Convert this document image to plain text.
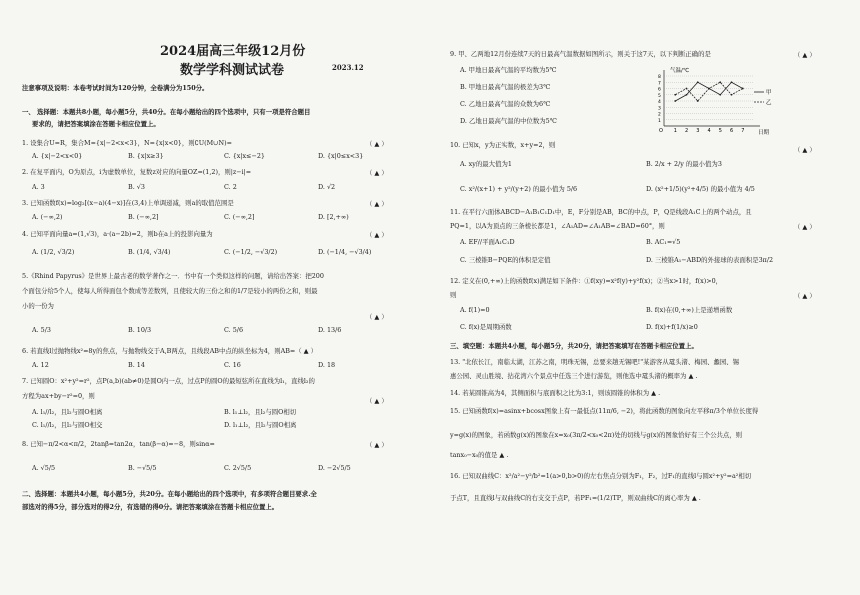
2024届高三年级12月份
数学学科测试试卷	2023.12
注意事项及说明：本卷考试时间为120分钟，全卷满分为150分。
一、 选择题：本题共8小题，每小题5分，共40分。在每小题给出的四个选项中，只有一项是符合题目
要求的，请把答案填涂在答题卡相应位置上。
1. 设集合U=R，集合M={x|−2<x<3}，N={x|x<0}，则∁U(M∪N)=	（ ▲ ）
A. {x|−2<x<0}	B. {x|x≥3}	C. {x|x≤−2}	D. {x|0≤x<3}
2. 在复平面内，O为原点，i为虚数单位，复数z对应的向量OZ=(1,2)，则|z−i|=	（ ▲ ）
A. 3	B. √3	C. 2	D. √2
3. 已知函数f(x)=log₂[(x−a)(4−x)]在(3,4)上单调递减，则a的取值范围是	（ ▲ ）
A. (−∞,2)	B. (−∞,2]	C. (−∞,2]	D. [2,+∞)
4. 已知平面向量a=(1,√3)，a·(a−2b)=2，则b在a上的投影向量为	（ ▲ ）
A. (1/2, √3/2)	B. (1/4, √3/4)	C. (−1/2, −√3/2)	D. (−1/4, −√3/4)
5.《Rhind Papyrus》是世界上最古老的数学著作之一．书中有一个类似这样的问题，请给出答案：把200
个面包分给5个人，使每人所得面包个数成等差数列，且使较大的三份之和的1/7是较小的两份之和，则最
小的一份为
（ ▲ ）
A. 5/3	B. 10/3	C. 5/6	D. 13/6
6. 若直线l过抛物线x²=8y的焦点，与抛物线交于A,B两点，且线段AB中点的纵坐标为4，则AB=（ ▲ ）
A. 12	B. 14	C. 16	D. 18
7. 已知圆O：x²+y²=r²，点P(a,b)(ab≠0)是圆O内一点，过点P的圆O的最短弦所在直线为l₁，直线l₂的
方程为ax+by−r²=0，则
（ ▲ ）
A. l₁//l₂，且l₂与圆O相离	B. l₁⊥l₂，且l₂与圆O相切
C. l₁//l₂，且l₂与圆O相交	D. l₁⊥l₂，且l₂与圆O相离
8. 已知−π/2<α<π/2，2tanβ=tan2α，tan(β−α)=−8，则sinα=	（ ▲ ）
A. √5/5	B. −√5/5	C. 2√5/5	D. −2√5/5
二、选择题：本题共4小题，每小题5分，共20分。在每小题给出的四个选项中，有多项符合题目要求.全
部选对的得5分，部分选对的得2分，有选错的得0分。请把答案填涂在答题卡相应位置上。
9. 甲、乙两地12月份连续7天的日最高气温数据如图所示，则关于这7天，以下判断正确的是	（ ▲ ）
A. 甲地日最高气温的平均数为5℃
B. 甲地日最高气温的极差为3℃
C. 乙地日最高气温的众数为6℃
D. 乙地日最高气温的中位数为5℃
1 2 3 4 5 6 7
1
2
3
4
5
6
7
8
O
气温/℃
日期
甲
乙
10. 已知x，y为正实数，x+y=2，则
（ ▲ ）
A. xy的最大值为1	B. 2/x + 2/y 的最小值为3
C. x²/(x+1) + y²/(y+2) 的最小值为 5/6	D. (x²+1/5)(y²+4/5) 的最小值为 4/5
11. 在平行六面体ABCD−A₁B₁C₁D₁中，E，F分别是AB，BC的中点，P，Q是线段A₁C上的两个动点，且
PQ=1，以A为顶点的三条棱长都是1，∠A₁AD=∠A₁AB=∠BAD=60°，则	（ ▲ ）
A. EF//平面A₁C₁D	B. AC₁=√5
C. 三棱锥B−PQE的体积是定值	D. 三棱锥A₁−ABD的外接球的表面积是3π/2
12. 定义在(0,+∞)上的函数f(x)满足如下条件：①f(xy)=x²f(y)+y²f(x)；②当x>1时，f(x)>0，
则	（ ▲ ）
A. f(1)=0	B. f(x)在(0,+∞)上是递增函数
C. f(x)是周期函数	D. f(x)+f(1/x)≥0
三、填空题：本题共4小题，每小题5分，共20分，请把答案填写在答题卡相应位置上。
13. "北依长江，南临太湖，江苏之南，明珠无锡，总要来趟无锡吧!"某游客从鼋头渚、梅园、蠡园、锡
惠公园、灵山胜境、拈花湾六个景点中任选三个进行游览，则他选中鼋头渚的概率为 ▲ .
14. 若某圆锥高为4，其侧面积与底面积之比为3:1，则该圆锥的体积为 ▲ .
15. 已知函数f(x)=asinx+bcosx图象上有一最低点(11π/6, −2)，将此函数的图象向左平移π/3个单位长度得
y=g(x)的图象，若函数g(x)的图象在x=x₀(3π/2<x₀<2π)处的切线与g(x)的图象恰好有三个公共点，则
tanx₀−x₀的值是 ▲ .
16. 已知双曲线C：x²/a²−y²/b²=1(a>0,b>0)的左右焦点分别为F₁，F₂，过F₁的直线l与圆x²+y²=a²相切
于点T，且直线l与双曲线C的右支交于点P，若PF₁=(1/2)TP，则双曲线C的离心率为 ▲ .
